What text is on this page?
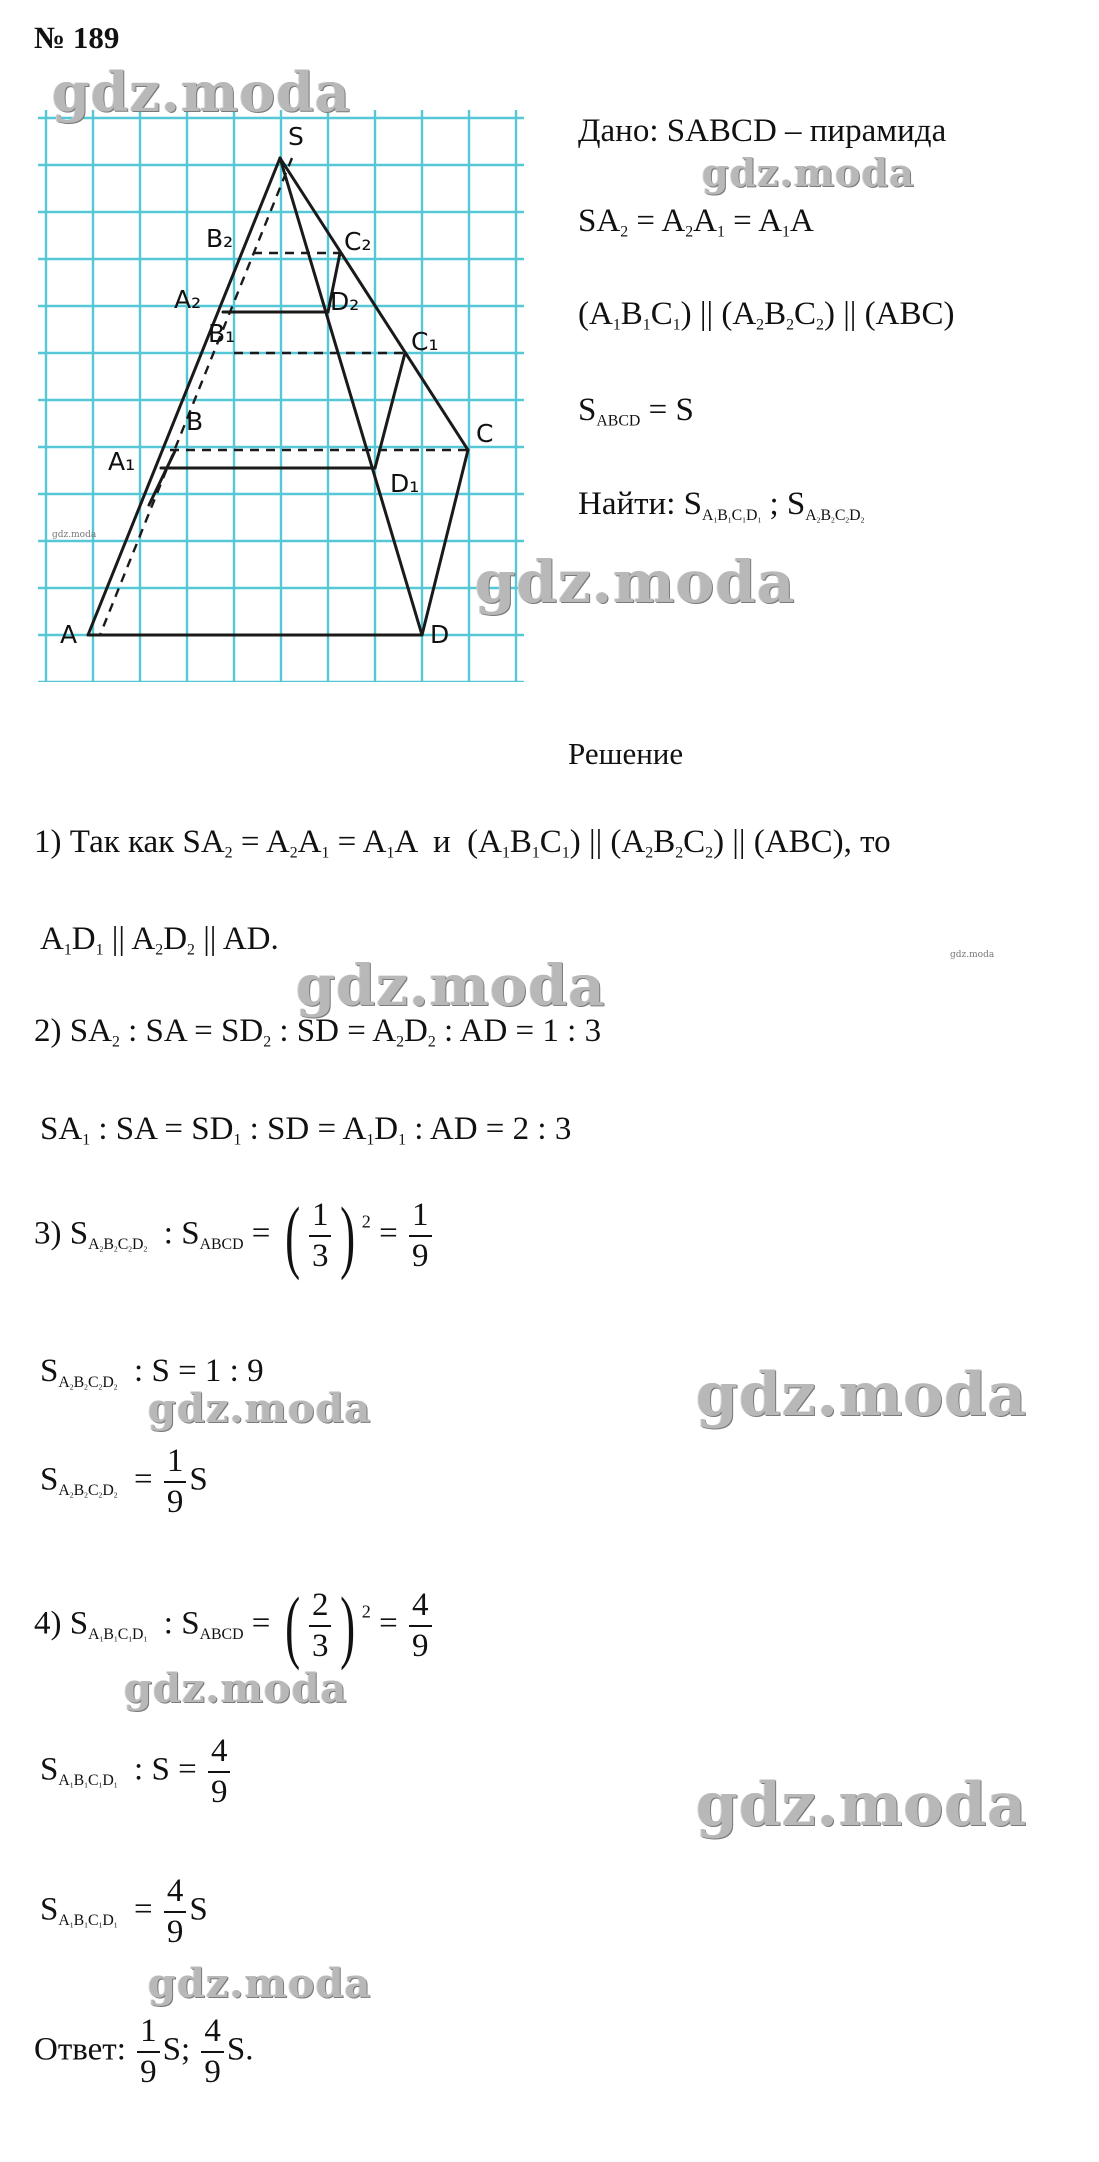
№ 189
S
A	D
C
B
A₁
B₁	C₁
D₁
A₂
B₂	C₂
D₂
gdz.moda
gdz.moda
gdz.moda
gdz.moda
gdz.moda
gdz.moda
gdz.moda	gdz.moda
gdz.moda
gdz.moda
gdz.moda
Дано: SABCD – пирамида
$SA_2 = A_2A_1 = A_1A$
$(A_1B_1C_1)$ || $(A_2B_2C_2)$ || (ABC)
$S_{ABCD} = S$
Найти: $S_{A_1B_1C_1D_1}$ ; $S_{A_2B_2C_2D_2}$
Решение
1) Так как $SA_2 = A_2A_1 = A_1A$  и  $(A_1B_1C_1)$ || $(A_2B_2C_2)$ || (ABC), то
$A_1D_1$ || $A_2D_2$ || AD.
2) $SA_2$ : SA = $SD_2$ : SD = $A_2D_2$ : AD = 1 : 3
$SA_1$ : SA = $SD_1$ : SD = $A_1D_1$ : AD = 2 : 3
3) $S_{A_2B_2C_2D_2}$  : $S_{ABCD}$ = ( $\frac{1}{3}$ ) $^2 = \frac{1}{9}$
$S_{A_2B_2C_2D_2}$  : S = 1 : 9
$S_{A_2B_2C_2D_2} = \frac{1}{9}$ S
4) $S_{A_1B_1C_1D_1}$  : $S_{ABCD}$ = ( $\frac{2}{3}$ ) $^2 = \frac{4}{9}$
$S_{A_1B_1C_1D_1}$  : $S = \frac{4}{9}$
$S_{A_1B_1C_1D_1} = \frac{4}{9}$ S
Ответ: $\frac{1}{9} S$; $\frac{4}{9} S$.
